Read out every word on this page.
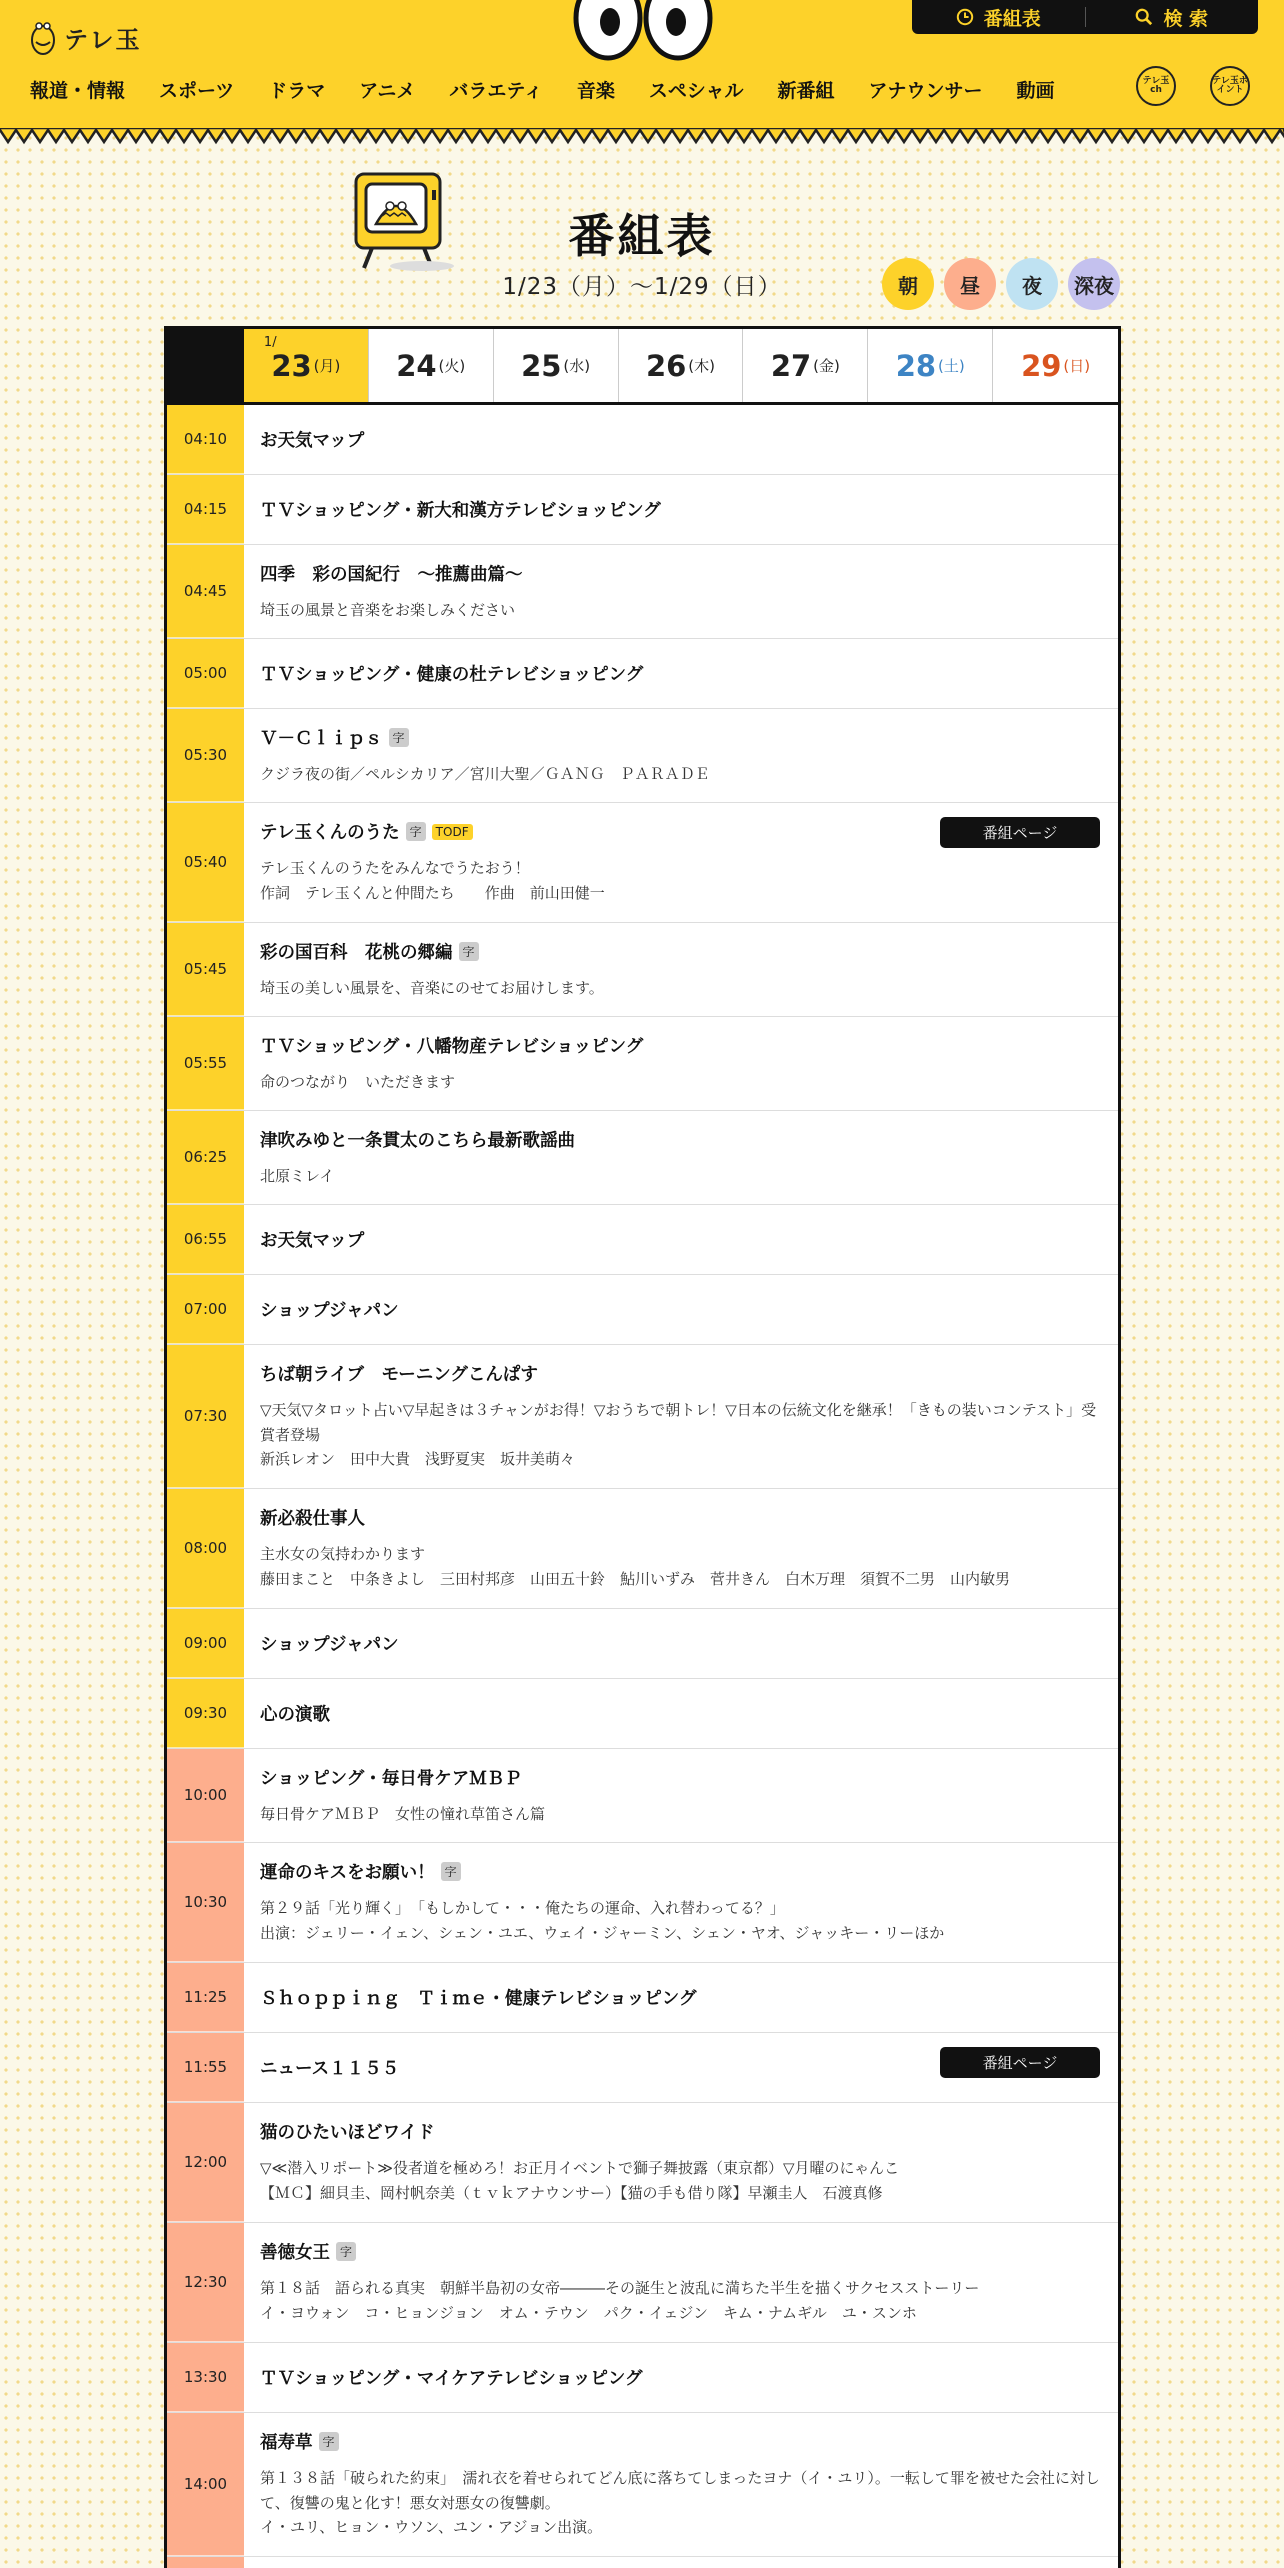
テレ玉
番組表	検 索
報道・情報 スポーツ ドラマ アニメ バラエティ 音楽 スペシャル 新番組 アナウンサー 動画	テレ玉ch
テレ玉ポイント
番組表
1/23（月）〜1/29（日）	朝 昼 夜 深夜
1/
23 (月) 24 (火) 25 (水) 26 (木) 27 (金) 28 (土) 29 (日)
04:10	お天気マップ
04:15	ＴＶショッピング・新大和漢方テレビショッピング
04:45
四季　彩の国紀行　～推薦曲篇～
埼玉の風景と音楽をお楽しみください
05:00	ＴＶショッピング・健康の杜テレビショッピング
05:30
Ｖ－Ｃｌｉｐｓ 字
クジラ夜の街／ペルシカリア／宮川大聖／ＧＡＮＧ　ＰＡＲＡＤＥ
05:40
テレ玉くんのうた 字	TODF
テレ玉くんのうたをみんなでうたおう！
作詞　テレ玉くんと仲間たち　　作曲　前山田健一
番組ページ
05:45
彩の国百科　花桃の郷編 字
埼玉の美しい風景を、音楽にのせてお届けします。
05:55
ＴＶショッピング・八幡物産テレビショッピング
命のつながり　いただきます
06:25
津吹みゆと一条貫太のこちら最新歌謡曲
北原ミレイ
06:55	お天気マップ
07:00	ショップジャパン
07:30
ちば朝ライブ　モーニングこんぱす
▽天気▽タロット占い▽早起きは３チャンがお得！▽おうちで朝トレ！▽日本の伝統文化を継承！「きもの装いコンテスト」受賞者登場
新浜レオン　田中大貴　浅野夏実　坂井美萌々
08:00
新必殺仕事人
主水女の気持わかります
藤田まこと　中条きよし　三田村邦彦　山田五十鈴　鮎川いずみ　菅井きん　白木万理　須賀不二男　山内敏男
09:00	ショップジャパン
09:30	心の演歌
10:00
ショッピング・毎日骨ケアＭＢＰ
毎日骨ケアＭＢＰ　女性の憧れ草笛さん篇
10:30
運命のキスをお願い！ 字
第２９話「光り輝く」　「もしかして・・・俺たちの運命、入れ替わってる？」
出演：ジェリー・イェン、シェン・ユエ、ウェイ・ジャーミン、シェン・ヤオ、ジャッキー・リーほか
11:25	Ｓｈｏｐｐｉｎｇ　Ｔｉｍｅ・健康テレビショッピング
11:55	ニュース１１５５	番組ページ
12:00
猫のひたいほどワイド
▽≪潜入リポート≫役者道を極めろ！お正月イベントで獅子舞披露（東京都）▽月曜のにゃんこ
【ＭＣ】細貝圭、岡村帆奈美（ｔｖｋアナウンサー）【猫の手も借り隊】早瀬圭人　石渡真修
12:30
善徳女王 字
第１８話　語られる真実　朝鮮半島初の女帝―――その誕生と波乱に満ちた半生を描くサクセスストーリー
イ・ヨウォン　コ・ヒョンジョン　オム・テウン　パク・イェジン　キム・ナムギル　ユ・スンホ
13:30	ＴＶショッピング・マイケアテレビショッピング
14:00
福寿草 字
第１３８話「破られた約束」　濡れ衣を着せられてどん底に落ちてしまったヨナ（イ・ユリ）。一転して罪を被せた会社に対して、復讐の鬼と化す！悪女対悪女の復讐劇。
イ・ユリ、ヒョン・ウソン、ユン・アジョン出演。
